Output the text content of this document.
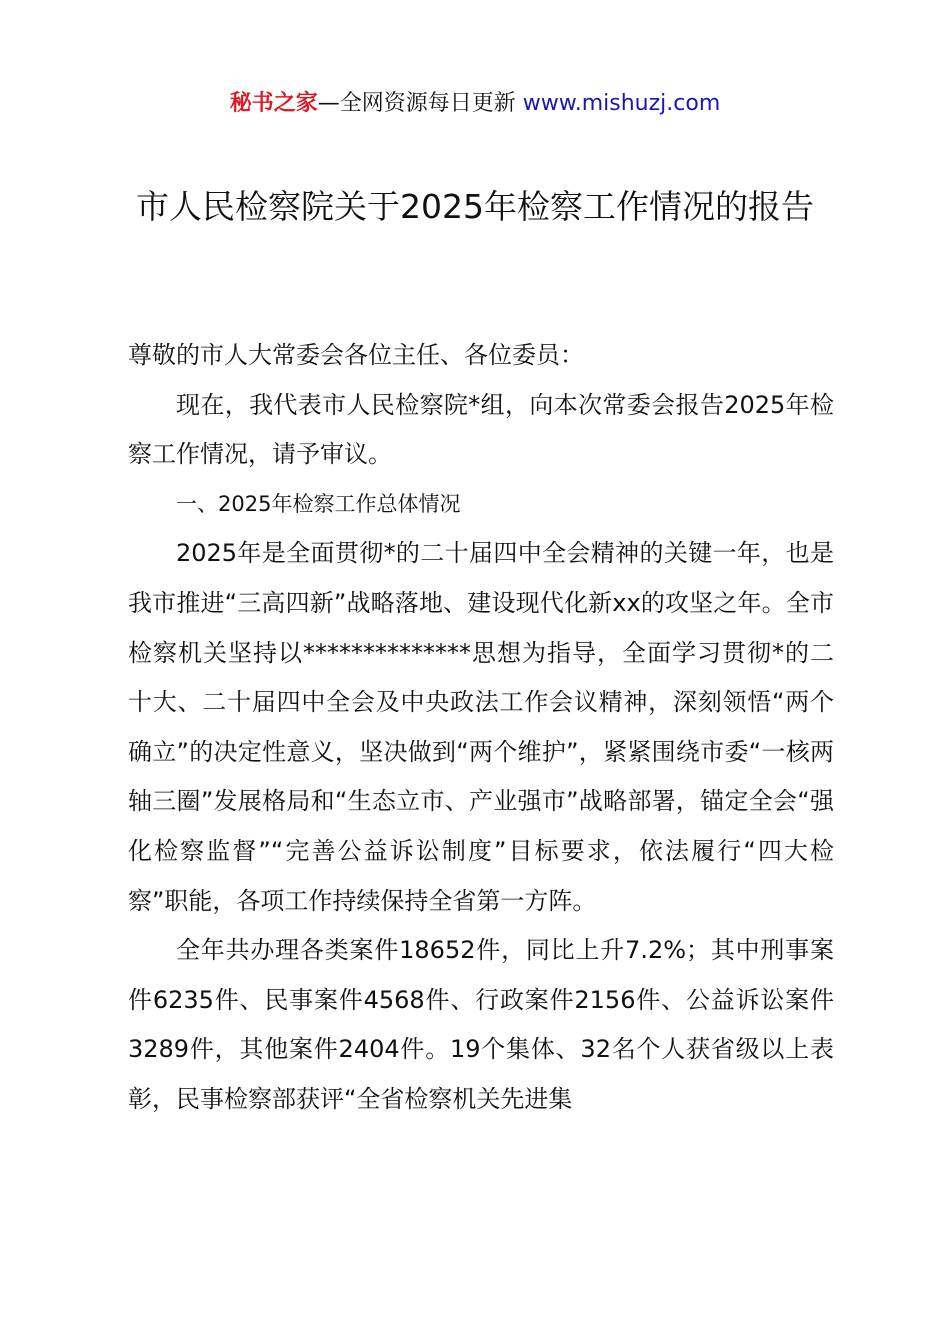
秘书之家—全网资源每日更新 www.mishuzj.com
市人民检察院关于2025年检察工作情况的报告

尊敬的市人大常委会各位主任、各位委员：

现在，我代表市人民检察院*组，向本次常委会报告2025年检察工作情况，请予审议。

一、2025年检察工作总体情况

2025年是全面贯彻*的二十届四中全会精神的关键一年，也是我市推进“三高四新”战略落地、建设现代化新xx的攻坚之年。全市检察机关坚持以**************思想为指导，全面学习贯彻*的二十大、二十届四中全会及中央政法工作会议精神，深刻领悟“两个确立”的决定性意义，坚决做到“两个维护”，紧紧围绕市委“一核两轴三圈”发展格局和“生态立市、产业强市”战略部署，锚定全会“强化检察监督”“完善公益诉讼制度”目标要求，依法履行“四大检察”职能，各项工作持续保持全省第一方阵。

全年共办理各类案件18652件，同比上升7.2%；其中刑事案件6235件、民事案件4568件、行政案件2156件、公益诉讼案件3289件，其他案件2404件。19个集体、32名个人获省级以上表彰，民事检察部获评“全省检察机关先进集
